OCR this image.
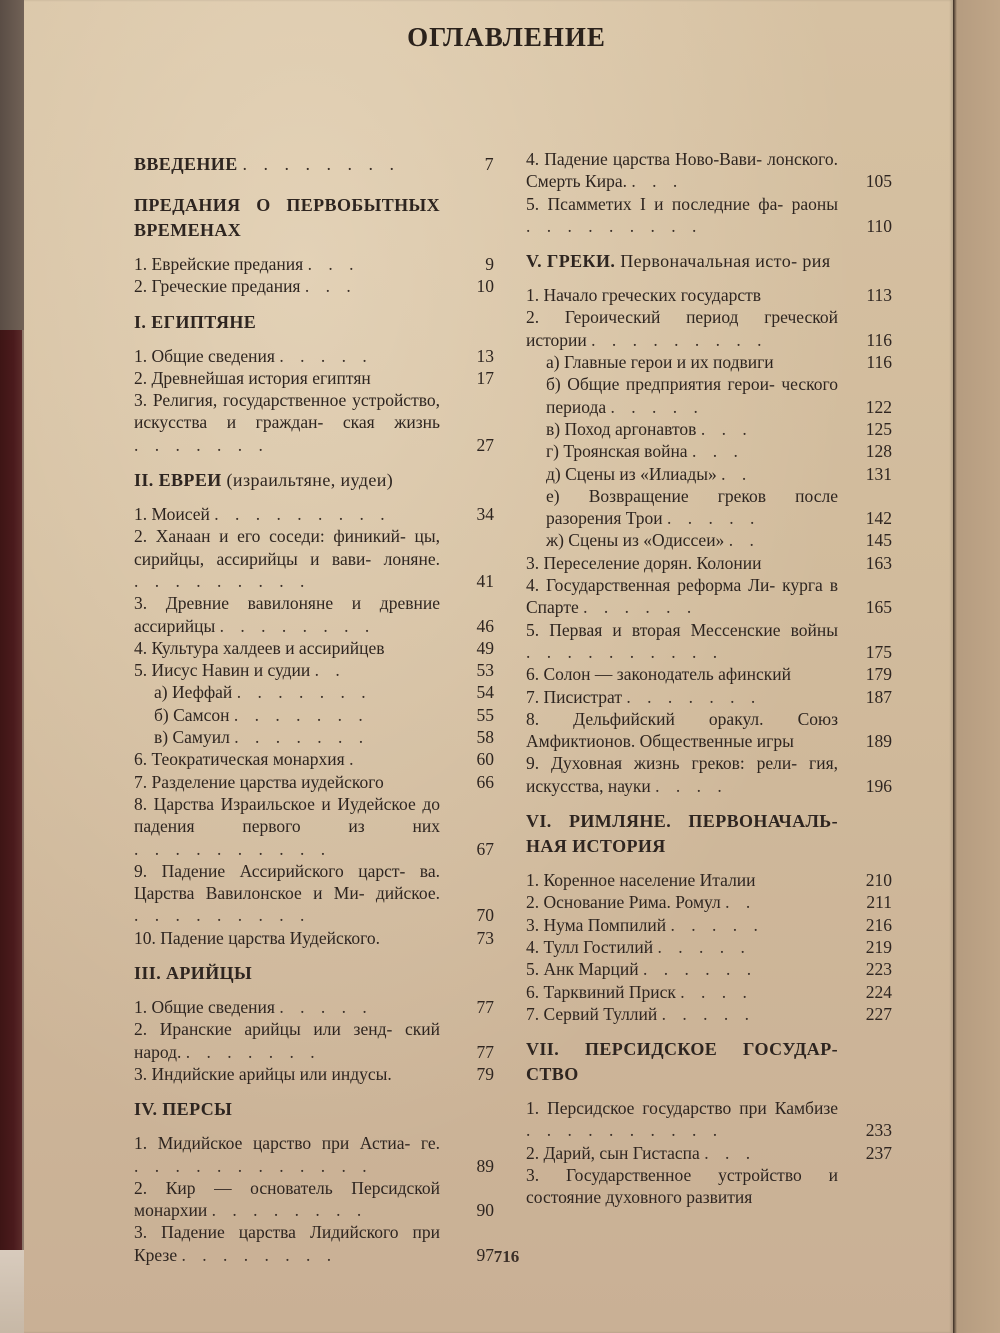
ОГЛАВЛЕНИЕ
ВВЕДЕНИЕ . . . . . . . .	7
ПРЕДАНИЯ О ПЕРВОБЫТНЫХ ВРЕМЕНАХ
1. Еврейские предания . . .	9
2. Греческие предания . . .	10
I. ЕГИПТЯНЕ
1. Общие сведения . . . . .	13
2. Древнейшая история египтян	17
3. Религия, государственное устройство, искусства и граждан- ская жизнь . . . . . . .	27
II. ЕВРЕИ (израильтяне, иудеи)
1. Моисей . . . . . . . . .	34
2. Ханаан и его соседи: финикий- цы, сирийцы, ассирийцы и вави- лоняне. . . . . . . . . .	41
3. Древние вавилоняне и древние ассирийцы . . . . . . . .	46
4. Культура халдеев и ассирийцев	49
5. Иисус Навин и судии . .	53
а) Иеффай . . . . . . .	54
б) Самсон . . . . . . .	55
в) Самуил . . . . . . .	58
6. Теократическая монархия .	60
7. Разделение царства иудейского	66
8. Царства Израильское и Иудейское до падения первого из них . . . . . . . . . .	67
9. Падение Ассирийского царст- ва. Царства Вавилонское и Ми- дийское. . . . . . . . . .	70
10. Падение царства Иудейского.	73
III. АРИЙЦЫ
1. Общие сведения . . . . .	77
2. Иранские арийцы или зенд- ский народ. . . . . . . .	77
3. Индийские арийцы или индусы.	79
IV. ПЕРСЫ
1. Мидийское царство при Астиа- ге. . . . . . . . . . . . .	89
2. Кир — основатель Персидской монархии . . . . . . . .	90
3. Падение царства Лидийского при Крезе . . . . . . . .	97
4. Падение царства Ново-Вави- лонского. Смерть Кира. . . .	105
5. Псамметих I и последние фа- раоны . . . . . . . . .	110
V. ГРЕКИ. Первоначальная исто- рия
1. Начало греческих государств	113
2. Героический период греческой истории . . . . . . . . .	116
а) Главные герои и их подвиги	116
б) Общие предприятия герои- ческого периода . . . . .	122
в) Поход аргонавтов . . .	125
г) Троянская война . . .	128
д) Сцены из «Илиады» . .	131
е) Возвращение греков после разорения Трои . . . . .	142
ж) Сцены из «Одиссеи» . .	145
3. Переселение дорян. Колонии	163
4. Государственная реформа Ли- курга в Спарте . . . . . .	165
5. Первая и вторая Мессенские войны . . . . . . . . . .	175
6. Солон — законодатель афинский	179
7. Писистрат . . . . . . .	187
8. Дельфийский оракул. Союз Амфиктионов. Общественные игры	189
9. Духовная жизнь греков: рели- гия, искусства, науки . . . .	196
VI. РИМЛЯНЕ. ПЕРВОНАЧАЛЬ- НАЯ ИСТОРИЯ
1. Коренное население Италии	210
2. Основание Рима. Ромул . .	211
3. Нума Помпилий . . . . .	216
4. Тулл Гостилий . . . . .	219
5. Анк Марций . . . . . .	223
6. Тарквиний Приск . . . .	224
7. Сервий Туллий . . . . .	227
VII. ПЕРСИДСКОЕ ГОСУДАР- СТВО
1. Персидское государство при Камбизе . . . . . . . . . .	233
2. Дарий, сын Гистаспа . . .	237
3. Государственное устройство и состояние духовного развития
716
